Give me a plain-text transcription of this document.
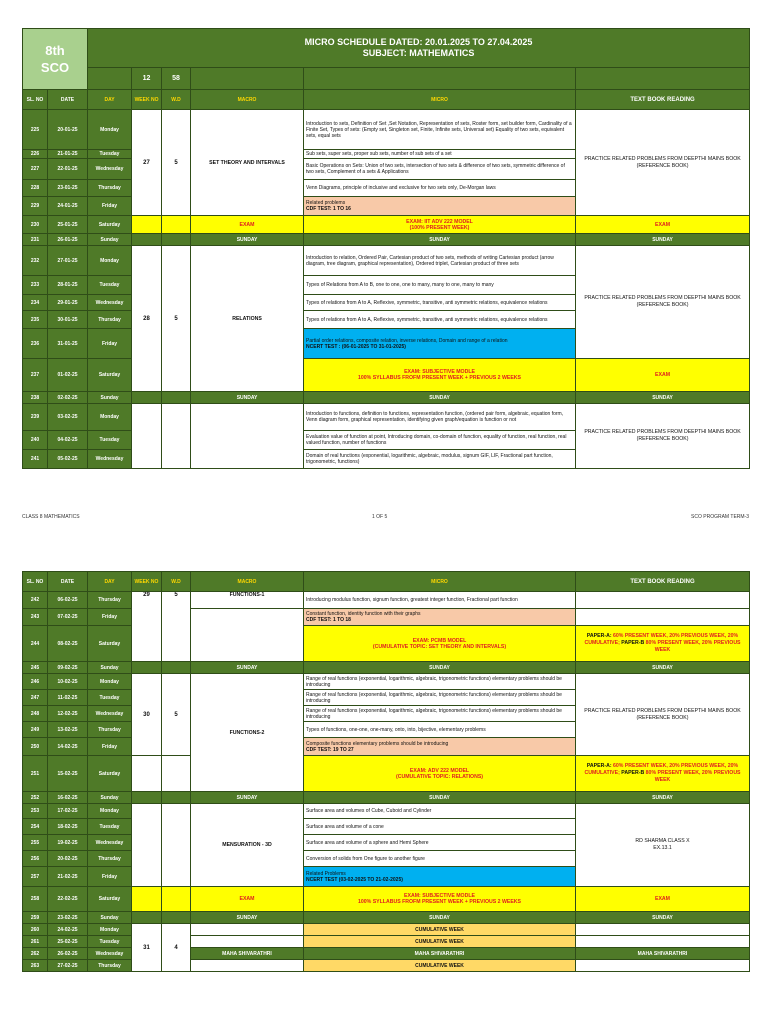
8th
SCO		MICRO SCHEDULE DATED: 20.01.2025 TO 27.04.2025
SUBJECT: MATHEMATICS					

			12	58			
SL. NO	DATE	DAY	WEEK NO	W.D	MACRO	MICRO	TEXT BOOK READING
225	20-01-25	Monday	27	5	SET THEORY AND INTERVALS	Introduction to sets, Definition of Set ,Set Notation, Representation of sets, Roster form, set builder form, Cardinality of a Finite Set, Types of sets: (Empty set, Singleton set, Finite, Infinite sets, Universal set) Equality of two sets, equivalent sets, equal sets	PRACTICE RELATED PROBLEMS FROM DEEPTHI MAINS BOOK (REFERENCE BOOK)
226	21-01-25	Tuesday				Sub sets, super sets, proper sub sets, number of sub sets of a set	
227	22-01-25	Wednesday				Basic Operations on Sets: Union of two sets, intersection of two sets & difference of two sets, symmetric difference of two sets, Complement of a sets & Applications	
228	23-01-25	Thursday				Venn Diagrams, principle of inclusive and exclusive for two sets only, De-Morgan laws	
229	24-01-25	Friday				Related problems
CDF TEST: 1 TO 16	

230	25-01-25	Saturday			EXAM	EXAM: IIT ADV 222 MODEL
(100% PRESENT WEEK)	EXAM
231	26-01-25	Sunday			SUNDAY	SUNDAY	SUNDAY
232	27-01-25	Monday	28	5	RELATIONS	Introduction to relation, Ordered Pair, Cartesian product of two sets, methods of writing Cartesian product (arrow diagram, tree diagram, graphical representation), Ordered triplet, Cartesian product of three sets	PRACTICE RELATED PROBLEMS FROM DEEPTHI MAINS BOOK (REFERENCE BOOK)
233	28-01-25	Tuesday				Types of Relations from A to B, one to one, one to many, many to one, many to many	
234	29-01-25	Wednesday				Types of relations from A to A, Reflexive, symmetric, transitive, anti symmetric relations, equivalence relations	
235	30-01-25	Thursday				Types of relations from A to A, Reflexive, symmetric, transitive, anti symmetric relations, equivalence relations	
236	31-01-25	Friday				Partial order relations, composite relation, inverse relations, Domain and range of a relation
NCERT TEST : (06-01-2025 TO 31-01-2025)	

237	01-02-25	Saturday				EXAM: SUBJECTIVE MODLE
100% SYLLABUS FROFM PRESENT WEEK + PREVIOUS 2 WEEKS	EXAM
238	02-02-25	Sunday			SUNDAY	SUNDAY	SUNDAY
239	03-02-25	Monday				Introduction to functions, definition to functions, representation function, (ordered pair form, algebraic, equation form, Venn diagram form, graphical representation, identifying given graph/equation is function or not	PRACTICE RELATED PROBLEMS FROM DEEPTHI MAINS BOOK (REFERENCE BOOK)
240	04-02-25	Tuesday				Evaluation value of function at point, Introducing domain, co-domain of function, equality of function, real function, real valued function, number of functions	
241	05-02-25	Wednesday				Domain of real functions (exponential, logarithmic, algebraic, modulus, signum GIF, LIF, Fractional part function, trigonometric, functions)	
CLASS 8 MATHEMATICS	1 OF 5	SCO PROGRAM TERM-3
SL. NO	DATE	DAY	WEEK NO	W.D	MACRO	MICRO	TEXT BOOK READING
242	06-02-25	Thursday	29	5	FUNCTIONS-1	Introducing modulus function, signum function, greatest integer function, Fractional part function	
243	07-02-25	Friday				Constant function, identity function with their graphs
CDF TEST: 1 TO 18	

244	08-02-25	Saturday				EXAM: PCMB MODEL
(CUMULATIVE TOPIC: SET THEORY AND INTERVALS)	PAPER-A: 60% PRESENT WEEK, 20% PREVIOUS WEEK, 20% CUMULATIVE; PAPER-B 80% PRESENT WEEK, 20% PREVIOUS WEEK
245	09-02-25	Sunday			SUNDAY	SUNDAY	SUNDAY
246	10-02-25	Monday	30	5	FUNCTIONS-2	Range of real functions (exponential, logarithmic, algebraic, trigonometric functions) elementary problems should be introducing	PRACTICE RELATED PROBLEMS FROM DEEPTHI MAINS BOOK (REFERENCE BOOK)
247	11-02-25	Tuesday				Range of real functions (exponential, logarithmic, algebraic, trigonometric functions) elementary problems should be introducing	
248	12-02-25	Wednesday				Range of real functions (exponential, logarithmic, algebraic, trigonometric functions) elementary problems should be introducing	
249	13-02-25	Thursday				Types of functions, one-one, one-many, onto, into, bijective, elementary problems	
250	14-02-25	Friday				Composite functions elementary problems should be introducing
CDF TEST: 19 TO 27	

251	15-02-25	Saturday				EXAM: ADV 222 MODEL
(CUMULATIVE TOPIC: RELATIONS)	PAPER-A: 60% PRESENT WEEK, 20% PREVIOUS WEEK, 20% CUMULATIVE; PAPER-B 80% PRESENT WEEK, 20% PREVIOUS WEEK
252	16-02-25	Sunday			SUNDAY	SUNDAY	SUNDAY
253	17-02-25	Monday			MENSURATION - 3D	Surface area and volumes of Cube, Cuboid and Cylinder	RD SHARMA CLASS X
EX.13.1

254	18-02-25	Tuesday				Surface area and volume of a cone	
255	19-02-25	Wednesday				Surface area and volume of a sphere and Hemi Sphere	
256	20-02-25	Thursday				Conversion of solids from One figure to another figure	
257	21-02-25	Friday				Related Problems
NCERT TEST (03-02-2025 TO 21-02-2025)	

258	22-02-25	Saturday			EXAM	EXAM: SUBJECTIVE MODLE
100% SYLLABUS FROFM PRESENT WEEK + PREVIOUS 2 WEEKS	EXAM
259	23-02-25	Sunday			SUNDAY	SUNDAY	SUNDAY
260	24-02-25	Monday	31	4		CUMULATIVE WEEK	
261	25-02-25	Tuesday				CUMULATIVE WEEK	
262	26-02-25	Wednesday			MAHA SHIVARATHRI	MAHA SHIVARATHRI	MAHA SHIVARATHRI
263	27-02-25	Thursday				CUMULATIVE WEEK	
